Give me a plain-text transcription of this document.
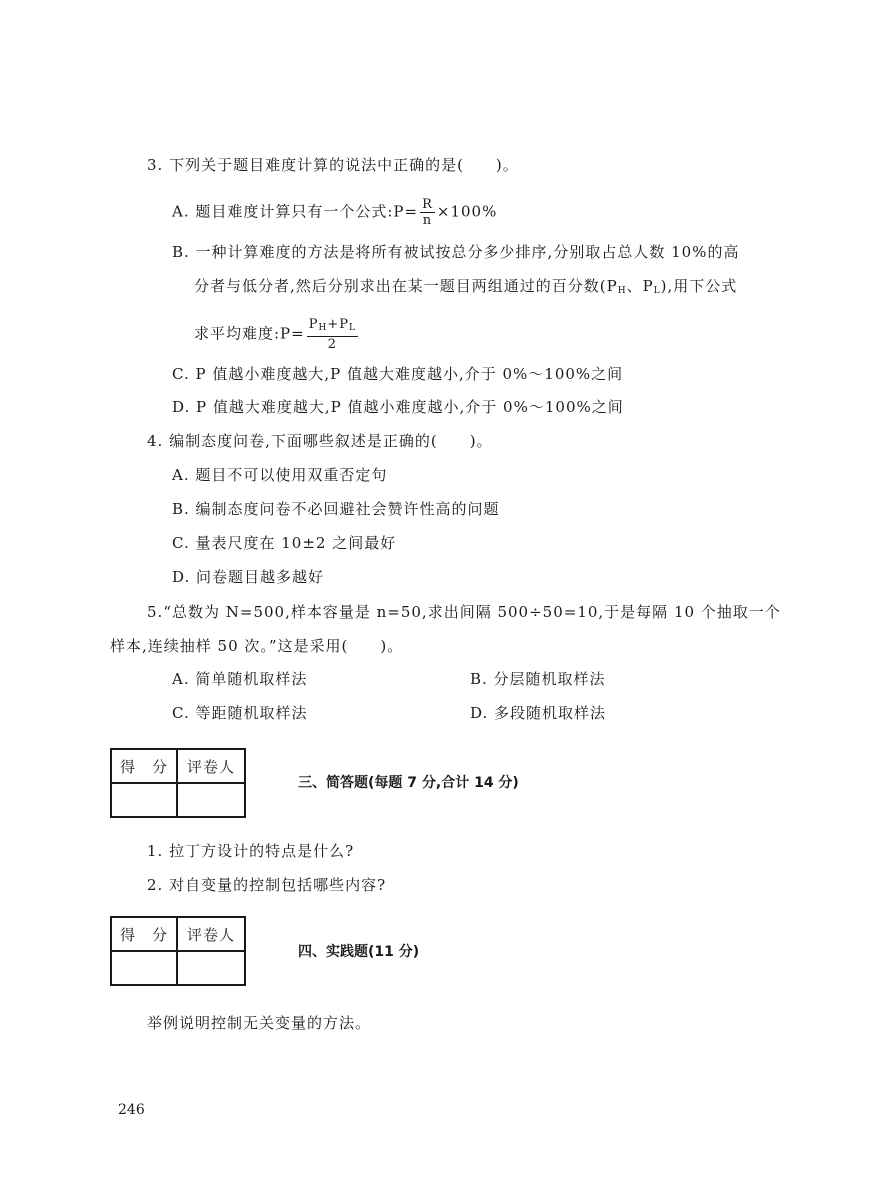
3. 下列关于题目难度计算的说法中正确的是(　　)。
A. 题目难度计算只有一个公式:P= $\frac{R}{n} \times 100\%$
B. 一种计算难度的方法是将所有被试按总分多少排序,分别取占总人数 10%的高
分者与低分者,然后分别求出在某一题目两组通过的百分数($P_H$、$P_L$),用下公式
求平均难度:P= $\frac{P_H+P_L}{2}$
C. P 值越小难度越大,P 值越大难度越小,介于 0%～100%之间
D. P 值越大难度越大,P 值越小难度越小,介于 0%～100%之间
4. 编制态度问卷,下面哪些叙述是正确的(　　)。
A. 题目不可以使用双重否定句
B. 编制态度问卷不必回避社会赞许性高的问题
C. 量表尺度在 10±2 之间最好
D. 问卷题目越多越好
5.“总数为 N=500,样本容量是 n=50,求出间隔 500÷50=10,于是每隔 10 个抽取一个
样本,连续抽样 50 次。”这是采用(　　)。
A. 简单随机取样法	B. 分层随机取样法
C. 等距随机取样法	D. 多段随机取样法
得　分	评卷人

三、简答题(每题 7 分,合计 14 分)
1. 拉丁方设计的特点是什么?
2. 对自变量的控制包括哪些内容?
得　分	评卷人

四、实践题(11 分)
举例说明控制无关变量的方法。
246
